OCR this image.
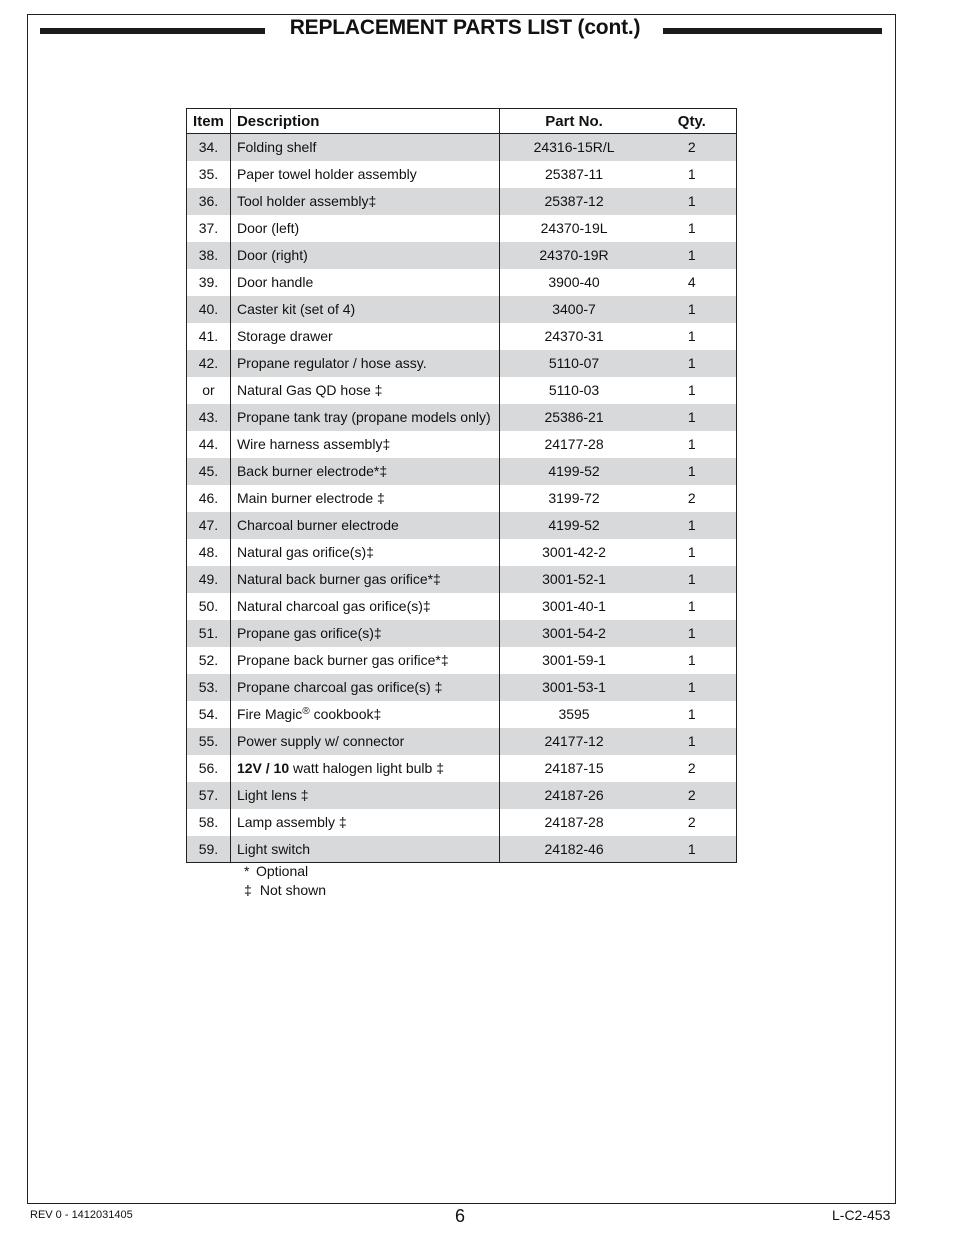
REPLACEMENT PARTS LIST (cont.)
Item	Description	Part No.	Qty.
34.	Folding shelf	24316-15R/L	2
35.	Paper towel holder assembly	25387-11	1
36.	Tool holder assembly‡	25387-12	1
37.	Door (left)	24370-19L	1
38.	Door (right)	24370-19R	1
39.	Door handle	3900-40	4
40.	Caster kit (set of 4)	3400-7	1
41.	Storage drawer	24370-31	1
42.	Propane regulator / hose assy.	5110-07	1
or	Natural Gas QD hose ‡	5110-03	1
43.	Propane tank tray (propane models only)	25386-21	1
44.	Wire harness assembly‡	24177-28	1
45.	Back burner electrode*‡	4199-52	1
46.	Main burner electrode ‡	3199-72	2
47.	Charcoal burner electrode	4199-52	1
48.	Natural gas orifice(s)‡	3001-42-2	1
49.	Natural back burner gas orifice*‡	3001-52-1	1
50.	Natural charcoal gas orifice(s)‡	3001-40-1	1
51.	Propane gas orifice(s)‡	3001-54-2	1
52.	Propane back burner gas orifice*‡	3001-59-1	1
53.	Propane charcoal gas orifice(s) ‡	3001-53-1	1
54.	Fire Magic® cookbook‡	3595	1
55.	Power supply w/ connector	24177-12	1
56.	12V / 10 watt halogen light bulb ‡	24187-15	2
57.	Light lens ‡	24187-26	2
58.	Lamp assembly ‡	24187-28	2
59.	Light switch	24182-46	1
* Optional
‡ Not shown
REV 0 - 1412031405	6	L-C2-453
